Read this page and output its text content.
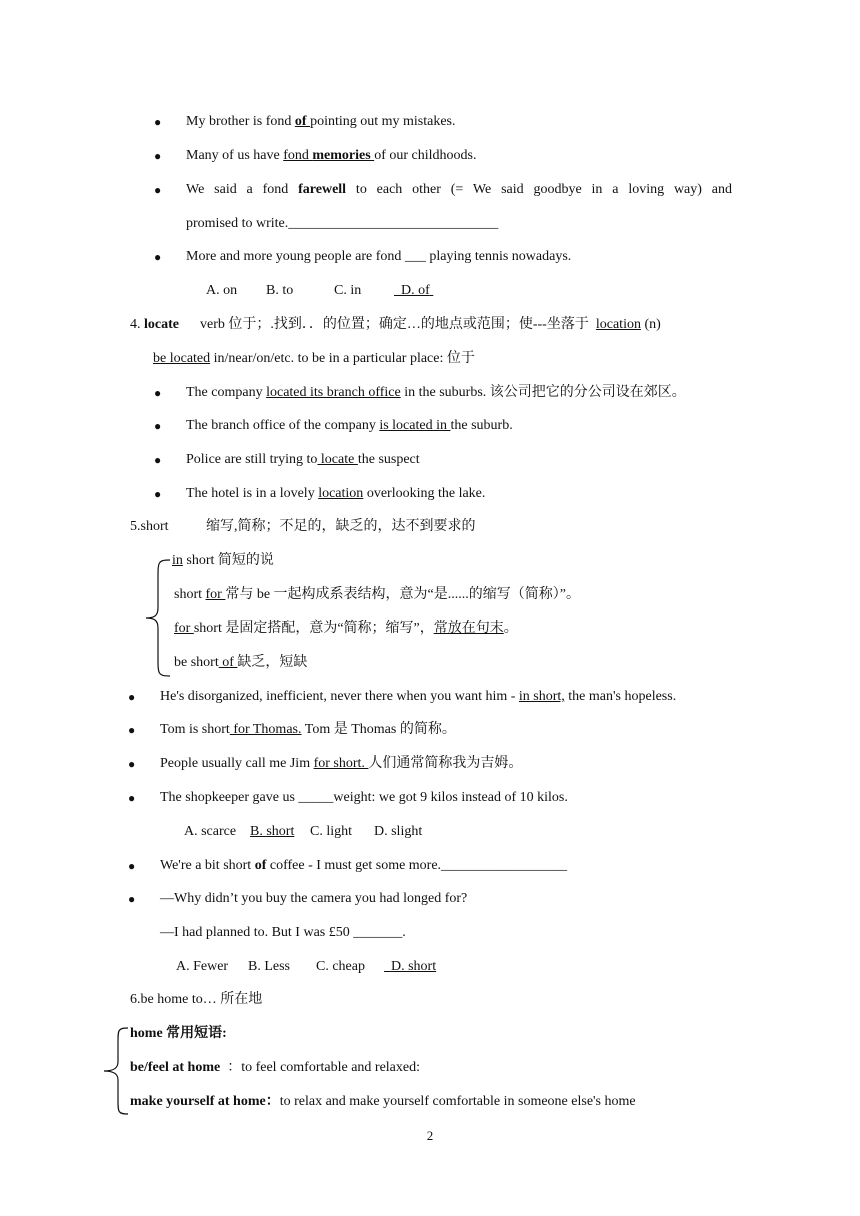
● My brother is fond of pointing out my mistakes.
● Many of us have fond memories of our childhoods.
● We said a fond farewell to each other (= We said goodbye in a loving way) and
promised to write.______________________________
● More and more young people are fond ___ playing tennis nowadays.
A. on B. to	C. in	D. of
4. locate verb 位于；.找到．．的位置；确定…的地点或范围；使---坐落于  location (n)
be located in/near/on/etc. to be in a particular place: 位于
● The company located its branch office in the suburbs. 该公司把它的分公司设在郊区。
● The branch office of the company is located in the suburb.
● Police are still trying to locate the suspect
● The hotel is in a lovely location overlooking the lake.
5.short	缩写,简称；不足的，缺乏的，达不到要求的
in short 简短的说
short for 常与 be 一起构成系表结构，意为“是......的缩写（简称）”。
for short 是固定搭配，意为“简称；缩写”，常放在句末。
be short of 缺乏，短缺
● He's disorganized, inefficient, never there when you want him - in short, the man's hopeless.
● Tom is short for Thomas. Tom 是 Thomas 的简称。
● People usually call me Jim for short. 人们通常简称我为吉姆。
● The shopkeeper gave us _____weight: we got 9 kilos instead of 10 kilos.
A. scarce B. short C. light D. slight
● We're a bit short of coffee - I must get some more.__________________
● —Why didn’t you buy the camera you had longed for?
—I had planned to. But I was £50 _______.
A. Fewer B. Less C. cheap	D. short
6.be home to… 所在地
home 常用短语:
be/feel at home  ：to feel comfortable and relaxed:
make yourself at home：to relax and make yourself comfortable in someone else's home
2
